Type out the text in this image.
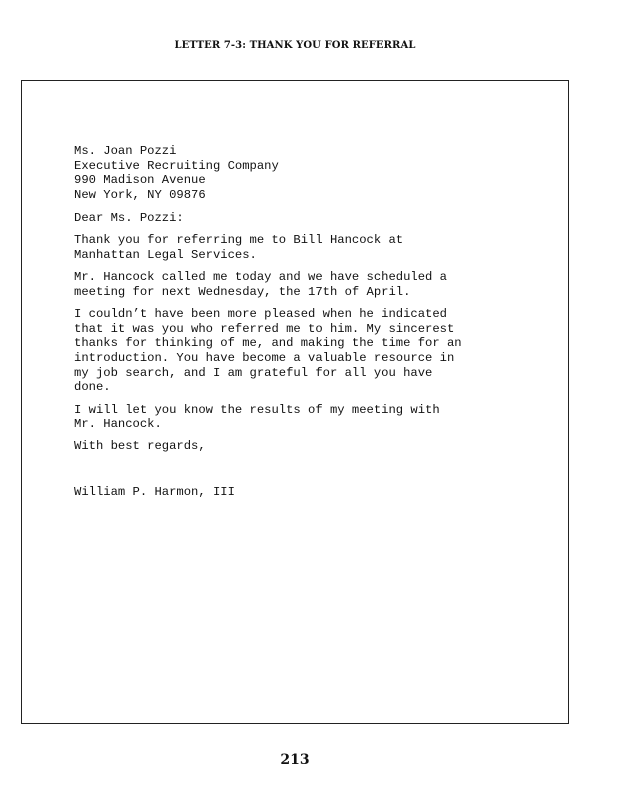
LETTER 7-3: THANK YOU FOR REFERRAL
Ms. Joan Pozzi
Executive Recruiting Company
990 Madison Avenue
New York, NY 09876
Dear Ms. Pozzi:
Thank you for referring me to Bill Hancock at
Manhattan Legal Services.
Mr. Hancock called me today and we have scheduled a
meeting for next Wednesday, the 17th of April.
I couldn’t have been more pleased when he indicated
that it was you who referred me to him. My sincerest
thanks for thinking of me, and making the time for an
introduction. You have become a valuable resource in
my job search, and I am grateful for all you have
done.
I will let you know the results of my meeting with
Mr. Hancock.
With best regards,
William P. Harmon, III
213
